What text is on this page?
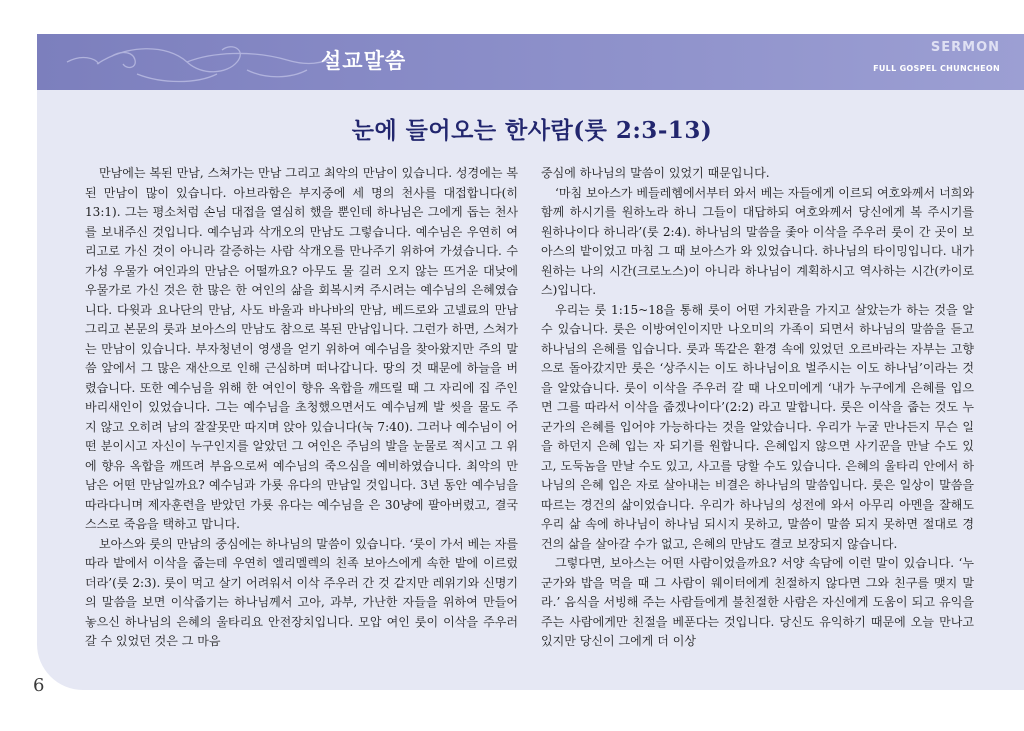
설교말씀
SERMON
FULL GOSPEL CHUNCHEON
눈에 들어오는 한사람(룻 2:3-13)

만남에는 복된 만남, 스쳐가는 만남 그리고 최악의 만남이 있습니다. 성경에는 복된 만남이 많이 있습니다. 아브라함은 부지중에 세 명의 천사를 대접합니다(히 13:1). 그는 평소처럼 손님 대접을 열심히 했을 뿐인데 하나님은 그에게 돕는 천사를 보내주신 것입니다. 예수님과 삭개오의 만남도 그렇습니다. 예수님은 우연히 여리고로 가신 것이 아니라 갈증하는 사람 삭개오를 만나주기 위하여 가셨습니다. 수가성 우물가 여인과의 만남은 어떨까요? 아무도 물 길러 오지 않는 뜨거운 대낮에 우물가로 가신 것은 한 많은 한 여인의 삶을 회복시켜 주시려는 예수님의 은혜였습니다. 다윗과 요나단의 만남, 사도 바울과 바나바의 만남, 베드로와 고넬료의 만남 그리고 본문의 룻과 보아스의 만남도 참으로 복된 만남입니다. 그런가 하면, 스쳐가는 만남이 있습니다. 부자청년이 영생을 얻기 위하여 예수님을 찾아왔지만 주의 말씀 앞에서 그 많은 재산으로 인해 근심하며 떠나갑니다. 땅의 것 때문에 하늘을 버렸습니다. 또한 예수님을 위해 한 여인이 향유 옥합을 깨뜨릴 때 그 자리에 집 주인 바리새인이 있었습니다. 그는 예수님을 초청했으면서도 예수님께 발 씻을 물도 주지 않고 오히려 남의 잘잘못만 따지며 앉아 있습니다(눅 7:40). 그러나 예수님이 어떤 분이시고 자신이 누구인지를 알았던 그 여인은 주님의 발을 눈물로 적시고 그 위에 향유 옥합을 깨뜨려 부음으로써 예수님의 죽으심을 예비하였습니다. 최악의 만남은 어떤 만남일까요? 예수님과 가룟 유다의 만남일 것입니다. 3년 동안 예수님을 따라다니며 제자훈련을 받았던 가룟 유다는 예수님을 은 30냥에 팔아버렸고, 결국 스스로 죽음을 택하고 맙니다.

보아스와 룻의 만남의 중심에는 하나님의 말씀이 있습니다. ‘룻이 가서 베는 자를 따라 밭에서 이삭을 줍는데 우연히 엘리멜렉의 친족 보아스에게 속한 밭에 이르렀더라’(룻 2:3). 룻이 먹고 살기 어려워서 이삭 주우러 간 것 같지만 레위기와 신명기의 말씀을 보면 이삭줍기는 하나님께서 고아, 과부, 가난한 자들을 위하여 만들어 놓으신 하나님의 은혜의 울타리요 안전장치입니다. 모압 여인 룻이 이삭을 주우러 갈 수 있었던 것은 그 마음

중심에 하나님의 말씀이 있었기 때문입니다.

‘마침 보아스가 베들레헴에서부터 와서 베는 자들에게 이르되 여호와께서 너희와 함께 하시기를 원하노라 하니 그들이 대답하되 여호와께서 당신에게 복 주시기를 원하나이다 하니라’(룻 2:4). 하나님의 말씀을 좇아 이삭을 주우러 룻이 간 곳이 보아스의 밭이었고 마침 그 때 보아스가 와 있었습니다. 하나님의 타이밍입니다. 내가 원하는 나의 시간(크로노스)이 아니라 하나님이 계획하시고 역사하는 시간(카이로스)입니다.

우리는 룻 1:15~18을 통해 룻이 어떤 가치관을 가지고 살았는가 하는 것을 알 수 있습니다. 룻은 이방여인이지만 나오미의 가족이 되면서 하나님의 말씀을 듣고 하나님의 은혜를 입습니다. 룻과 똑같은 환경 속에 있었던 오르바라는 자부는 고향으로 돌아갔지만 룻은 ‘상주시는 이도 하나님이요 벌주시는 이도 하나님’이라는 것을 알았습니다. 룻이 이삭을 주우러 갈 때 나오미에게 ‘내가 누구에게 은혜를 입으면 그를 따라서 이삭을 줍겠나이다’(2:2) 라고 말합니다. 룻은 이삭을 줍는 것도 누군가의 은혜를 입어야 가능하다는 것을 알았습니다. 우리가 누굴 만나든지 무슨 일을 하던지 은혜 입는 자 되기를 원합니다. 은혜입지 않으면 사기꾼을 만날 수도 있고, 도둑놈을 만날 수도 있고, 사고를 당할 수도 있습니다. 은혜의 울타리 안에서 하나님의 은혜 입은 자로 살아내는 비결은 하나님의 말씀입니다. 룻은 일상이 말씀을 따르는 경건의 삶이었습니다. 우리가 하나님의 성전에 와서 아무리 아멘을 잘해도 우리 삶 속에 하나님이 하나님 되시지 못하고, 말씀이 말씀 되지 못하면 절대로 경건의 삶을 살아갈 수가 없고, 은혜의 만남도 결코 보장되지 않습니다.

그렇다면, 보아스는 어떤 사람이었을까요? 서양 속담에 이런 말이 있습니다. ‘누군가와 밥을 먹을 때 그 사람이 웨이터에게 친절하지 않다면 그와 친구를 맺지 말라.’ 음식을 서빙해 주는 사람들에게 불친절한 사람은 자신에게 도움이 되고 유익을 주는 사람에게만 친절을 베푼다는 것입니다. 당신도 유익하기 때문에 오늘 만나고 있지만 당신이 그에게 더 이상

6
